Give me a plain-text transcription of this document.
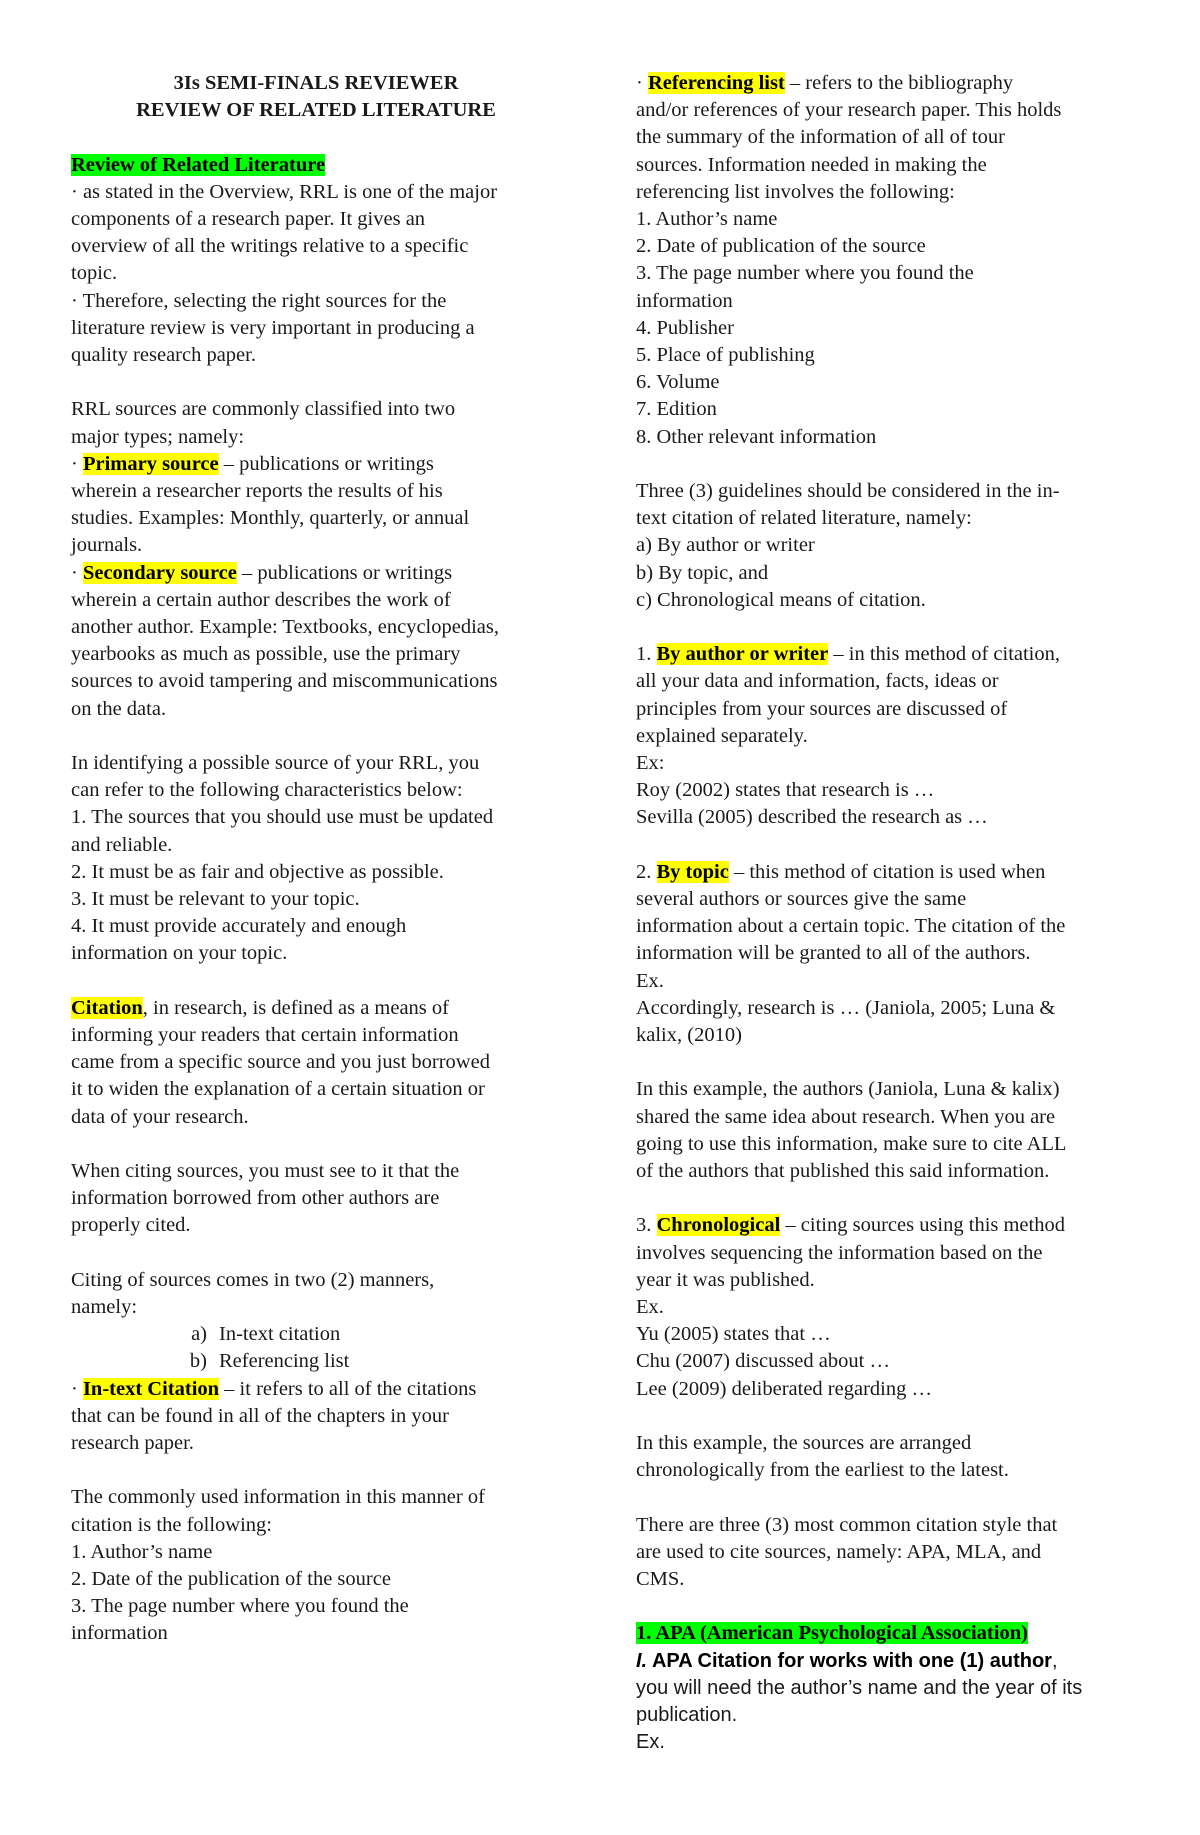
3Is SEMI-FINALS REVIEWER
REVIEW OF RELATED LITERATURE
Review of Related Literature
· as stated in the Overview, RRL is one of the major
components of a research paper. It gives an
overview of all the writings relative to a specific
topic.
· Therefore, selecting the right sources for the
literature review is very important in producing a
quality research paper.
RRL sources are commonly classified into two
major types; namely:
· Primary source – publications or writings
wherein a researcher reports the results of his
studies. Examples: Monthly, quarterly, or annual
journals.
· Secondary source – publications or writings
wherein a certain author describes the work of
another author. Example: Textbooks, encyclopedias,
yearbooks as much as possible, use the primary
sources to avoid tampering and miscommunications
on the data.
In identifying a possible source of your RRL, you
can refer to the following characteristics below:
1. The sources that you should use must be updated
and reliable.
2. It must be as fair and objective as possible.
3. It must be relevant to your topic.
4. It must provide accurately and enough
information on your topic.
Citation, in research, is defined as a means of
informing your readers that certain information
came from a specific source and you just borrowed
it to widen the explanation of a certain situation or
data of your research.
When citing sources, you must see to it that the
information borrowed from other authors are
properly cited.
Citing of sources comes in two (2) manners,
namely:
a) In-text citation
b) Referencing list
· In-text Citation – it refers to all of the citations
that can be found in all of the chapters in your
research paper.
The commonly used information in this manner of
citation is the following:
1. Author’s name
2. Date of the publication of the source
3. The page number where you found the
information
· Referencing list – refers to the bibliography
and/or references of your research paper. This holds
the summary of the information of all of tour
sources. Information needed in making the
referencing list involves the following:
1. Author’s name
2. Date of publication of the source
3. The page number where you found the
information
4. Publisher
5. Place of publishing
6. Volume
7. Edition
8. Other relevant information
Three (3) guidelines should be considered in the in-
text citation of related literature, namely:
a) By author or writer
b) By topic, and
c) Chronological means of citation.
1. By author or writer – in this method of citation,
all your data and information, facts, ideas or
principles from your sources are discussed of
explained separately.
Ex:
Roy (2002) states that research is …
Sevilla (2005) described the research as …
2. By topic – this method of citation is used when
several authors or sources give the same
information about a certain topic. The citation of the
information will be granted to all of the authors.
Ex.
Accordingly, research is … (Janiola, 2005; Luna &
kalix, (2010)
In this example, the authors (Janiola, Luna & kalix)
shared the same idea about research. When you are
going to use this information, make sure to cite ALL
of the authors that published this said information.
3. Chronological – citing sources using this method
involves sequencing the information based on the
year it was published.
Ex.
Yu (2005) states that …
Chu (2007) discussed about …
Lee (2009) deliberated regarding …
In this example, the sources are arranged
chronologically from the earliest to the latest.
There are three (3) most common citation style that
are used to cite sources, namely: APA, MLA, and
CMS.
1. APA (American Psychological Association)
I. APA Citation for works with one (1) author,
you will need the author’s name and the year of its
publication.
Ex.
